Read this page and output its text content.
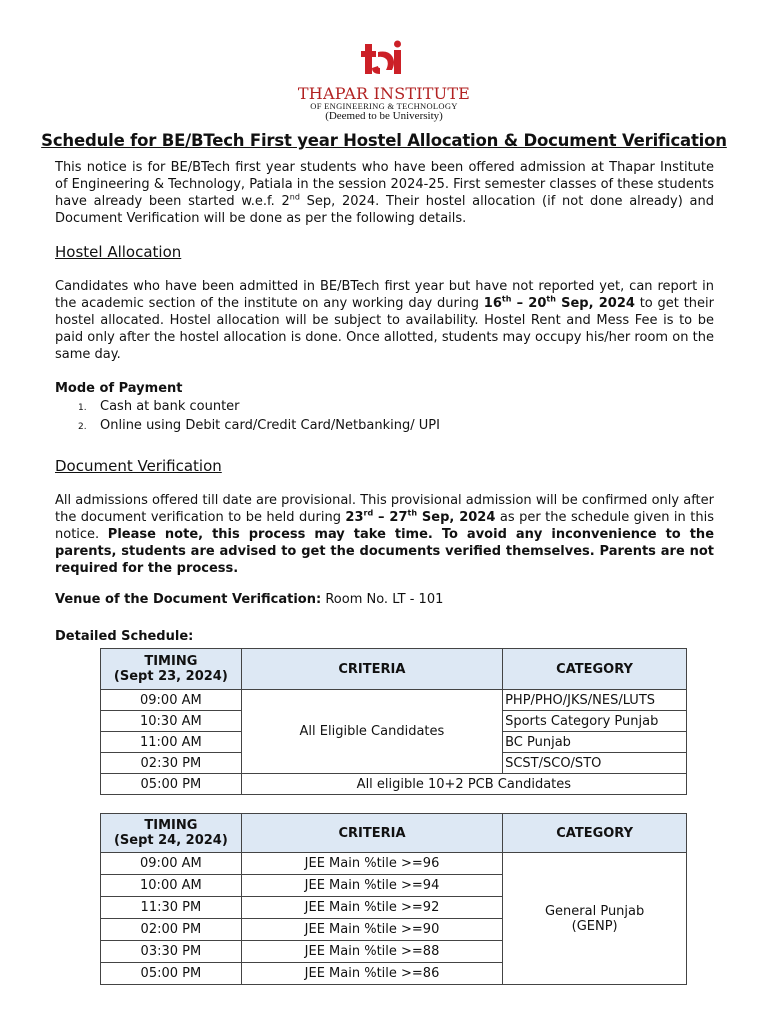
THAPAR INSTITUTE
OF ENGINEERING & TECHNOLOGY
(Deemed to be University)
Schedule for BE/BTech First year Hostel Allocation & Document Verification
This notice is for BE/BTech first year students who have been offered admission at Thapar Institute of Engineering & Technology, Patiala in the session 2024-25. First semester classes of these students have already been started w.e.f. 2nd Sep, 2024. Their hostel allocation (if not done already) and Document Verification will be done as per the following details.
Hostel Allocation
Candidates who have been admitted in BE/BTech first year but have not reported yet, can report in the academic section of the institute on any working day during 16th – 20th Sep, 2024 to get their hostel allocated. Hostel allocation will be subject to availability. Hostel Rent and Mess Fee is to be paid only after the hostel allocation is done. Once allotted, students may occupy his/her room on the same day.
Mode of Payment
1. Cash at bank counter
2. Online using Debit card/Credit Card/Netbanking/ UPI
Document Verification
All admissions offered till date are provisional. This provisional admission will be confirmed only after the document verification to be held during 23rd – 27th Sep, 2024 as per the schedule given in this notice. Please note, this process may take time. To avoid any inconvenience to the parents, students are advised to get the documents verified themselves. Parents are not required for the process.
Venue of the Document Verification: Room No. LT - 101
Detailed Schedule:
TIMING
(Sept 23, 2024)	CRITERIA	CATEGORY
09:00 AM	All Eligible Candidates	PHP/PHO/JKS/NES/LUTS
10:30 AM		Sports Category Punjab
11:00 AM		BC Punjab
02:30 PM		SCST/SCO/STO
05:00 PM	All eligible 10+2 PCB Candidates	
TIMING
(Sept 24, 2024)	CRITERIA	CATEGORY
09:00 AM	JEE Main %tile >=96	General Punjab
(GENP)

10:00 AM	JEE Main %tile >=94	
11:30 PM	JEE Main %tile >=92	
02:00 PM	JEE Main %tile >=90	
03:30 PM	JEE Main %tile >=88	
05:00 PM	JEE Main %tile >=86	
